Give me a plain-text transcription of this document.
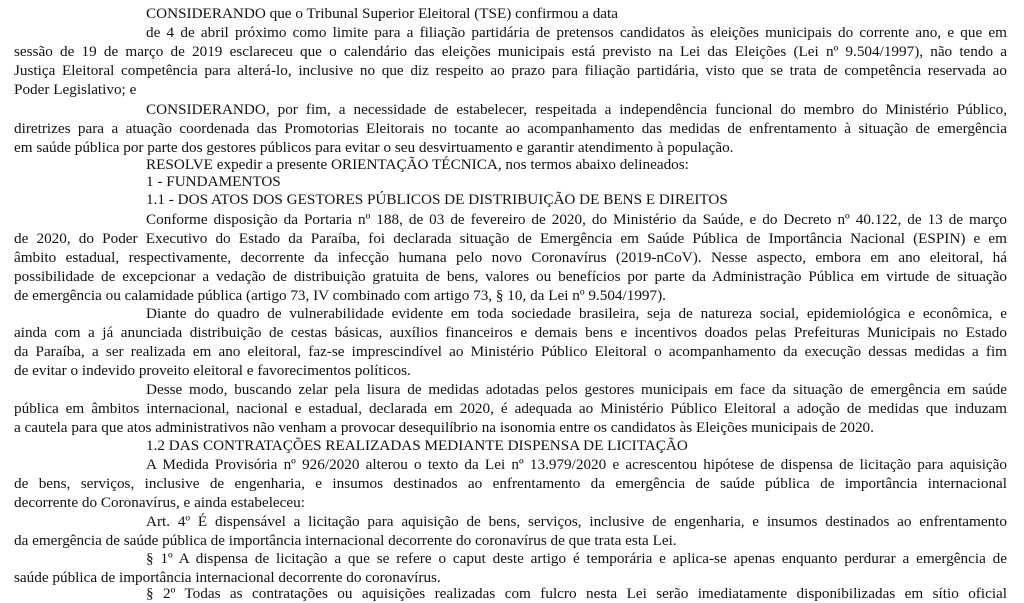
CONSIDERANDO que o Tribunal Superior Eleitoral (TSE) confirmou a data
de 4 de abril próximo como limite para a filiação partidária de pretensos candidatos às eleições municipais do corrente ano, e que em
sessão de 19 de março de 2019 esclareceu que o calendário das eleições municipais está previsto na Lei das Eleições (Lei nº 9.504/1997), não tendo a
Justiça Eleitoral competência para alterá-lo, inclusive no que diz respeito ao prazo para filiação partidária, visto que se trata de competência reservada ao
Poder Legislativo; e
CONSIDERANDO, por fim, a necessidade de estabelecer, respeitada a independência funcional do membro do Ministério Público,
diretrizes para a atuação coordenada das Promotorias Eleitorais no tocante ao acompanhamento das medidas de enfrentamento à situação de emergência
em saúde pública por parte dos gestores públicos para evitar o seu desvirtuamento e garantir atendimento à população.
RESOLVE expedir a presente ORIENTAÇÃO TÉCNICA, nos termos abaixo delineados:
1 - FUNDAMENTOS
1.1 - DOS ATOS DOS GESTORES PÚBLICOS DE DISTRIBUIÇÃO DE BENS E DIREITOS
Conforme disposição da Portaria nº 188, de 03 de fevereiro de 2020, do Ministério da Saúde, e do Decreto nº 40.122, de 13 de março
de 2020, do Poder Executivo do Estado da Paraíba, foi declarada situação de Emergência em Saúde Pública de Importância Nacional (ESPIN) e em
âmbito estadual, respectivamente, decorrente da infecção humana pelo novo Coronavírus (2019-nCoV). Nesse aspecto, embora em ano eleitoral, há
possibilidade de excepcionar a vedação de distribuição gratuita de bens, valores ou benefícios por parte da Administração Pública em virtude de situação
de emergência ou calamidade pública (artigo 73, IV combinado com artigo 73, § 10, da Lei nº 9.504/1997).
Diante do quadro de vulnerabilidade evidente em toda sociedade brasileira, seja de natureza social, epidemiológica e econômica, e
ainda com a já anunciada distribuição de cestas básicas, auxílios financeiros e demais bens e incentivos doados pelas Prefeituras Municipais no Estado
da Paraíba, a ser realizada em ano eleitoral, faz-se imprescindível ao Ministério Público Eleitoral o acompanhamento da execução dessas medidas a fim
de evitar o indevido proveito eleitoral e favorecimentos políticos.
Desse modo, buscando zelar pela lisura de medidas adotadas pelos gestores municipais em face da situação de emergência em saúde
pública em âmbitos internacional, nacional e estadual, declarada em 2020, é adequada ao Ministério Público Eleitoral a adoção de medidas que induzam
a cautela para que atos administrativos não venham a provocar desequilíbrio na isonomia entre os candidatos às Eleições municipais de 2020.
1.2 DAS CONTRATAÇÕES REALIZADAS MEDIANTE DISPENSA DE LICITAÇÃO
A Medida Provisória nº 926/2020 alterou o texto da Lei nº 13.979/2020 e acrescentou hipótese de dispensa de licitação para aquisição
de bens, serviços, inclusive de engenharia, e insumos destinados ao enfrentamento da emergência de saúde pública de importância internacional
decorrente do Coronavírus, e ainda estabeleceu:
Art. 4º É dispensável a licitação para aquisição de bens, serviços, inclusive de engenharia, e insumos destinados ao enfrentamento
da emergência de saúde pública de importância internacional decorrente do coronavírus de que trata esta Lei.
§ 1º A dispensa de licitação a que se refere o caput deste artigo é temporária e aplica-se apenas enquanto perdurar a emergência de
saúde pública de importância internacional decorrente do coronavírus.
§ 2º Todas as contratações ou aquisições realizadas com fulcro nesta Lei serão imediatamente disponibilizadas em sítio oficial
